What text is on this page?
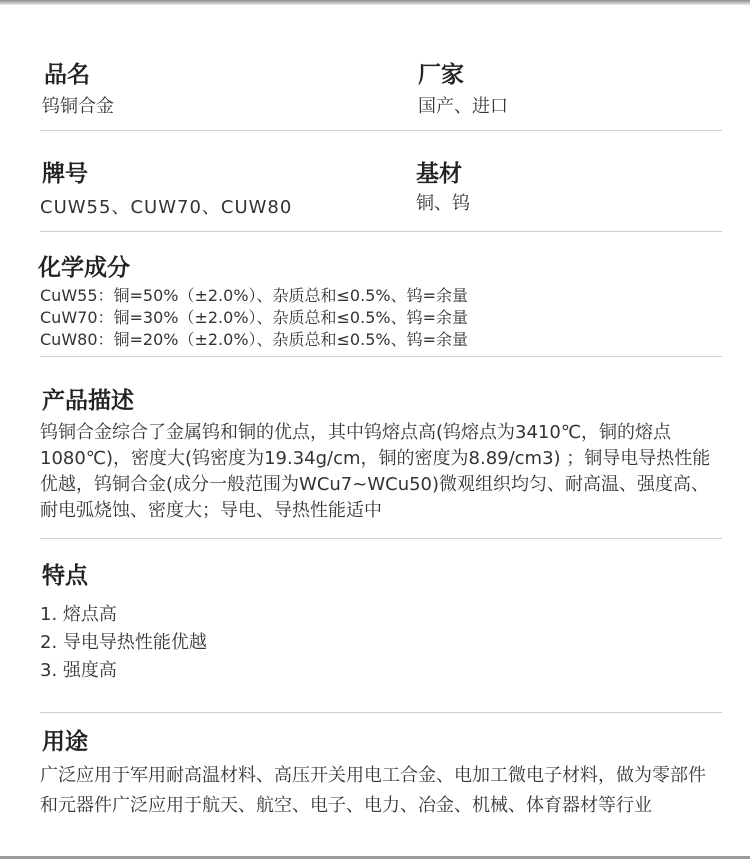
品名
钨铜合金
厂家
国产、进口
牌号
CUW55、CUW70、CUW80
基材
铜、钨
化学成分
CuW55：铜=50%（±2.0%）、杂质总和≤0.5%、钨=余量
CuW70：铜=30%（±2.0%）、杂质总和≤0.5%、钨=余量
CuW80：铜=20%（±2.0%）、杂质总和≤0.5%、钨=余量
产品描述
钨铜合金综合了金属钨和铜的优点，其中钨熔点高(钨熔点为3410℃，铜的熔点1080℃)，密度大(钨密度为19.34g/cm，铜的密度为8.89/cm3) ；铜导电导热性能优越，钨铜合金(成分一般范围为WCu7~WCu50)微观组织均匀、耐高温、强度高、耐电弧烧蚀、密度大；导电、导热性能适中
特点
1. 熔点高
2. 导电导热性能优越
3. 强度高
用途
广泛应用于军用耐高温材料、高压开关用电工合金、电加工微电子材料，做为零部件和元器件广泛应用于航天、航空、电子、电力、冶金、机械、体育器材等行业
